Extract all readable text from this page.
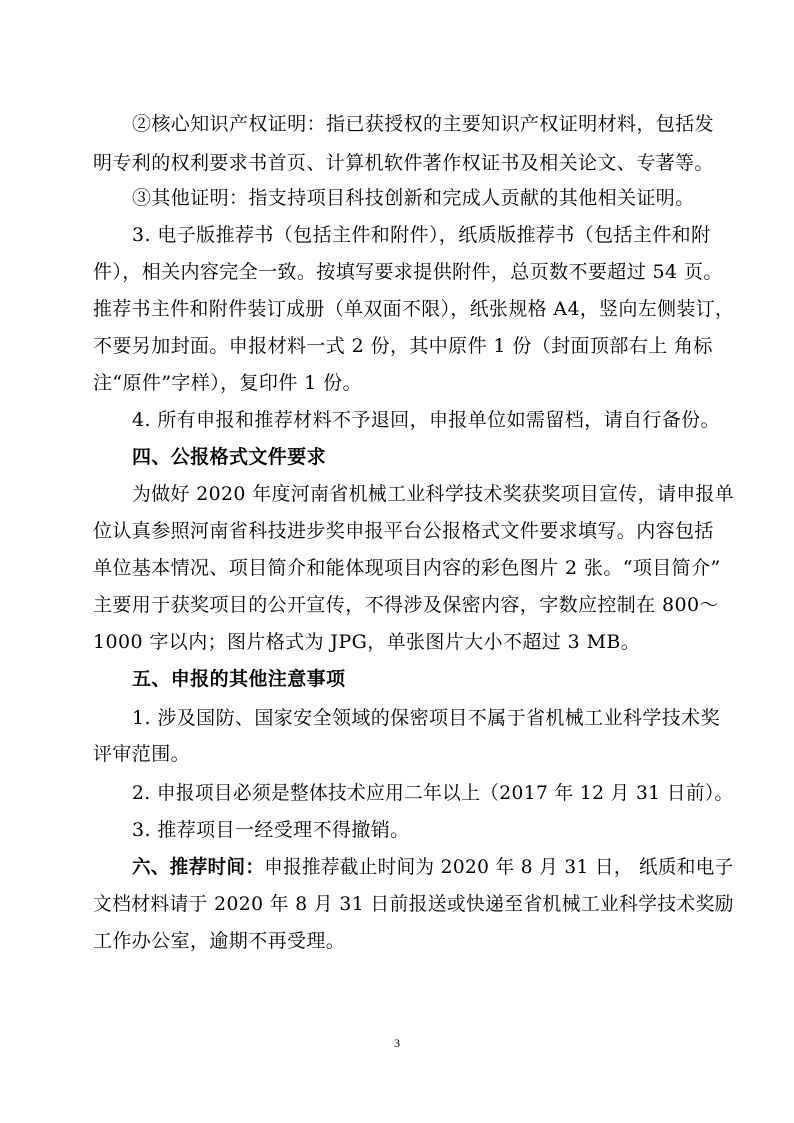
②核心知识产权证明：指已获授权的主要知识产权证明材料，包括发
明专利的权利要求书首页、计算机软件著作权证书及相关论文、专著等。
③其他证明：指支持项目科技创新和完成人贡献的其他相关证明。
3. 电子版推荐书（包括主件和附件），纸质版推荐书（包括主件和附
件），相关内容完全一致。按填写要求提供附件，总页数不要超过 54 页。
推荐书主件和附件装订成册（单双面不限），纸张规格 A4，竖向左侧装订，
不要另加封面。申报材料一式 2 份，其中原件 1 份（封面顶部右上 角标
注“原件”字样），复印件 1 份。
4. 所有申报和推荐材料不予退回，申报单位如需留档，请自行备份。
四、公报格式文件要求
为做好 2020 年度河南省机械工业科学技术奖获奖项目宣传，请申报单
位认真参照河南省科技进步奖申报平台公报格式文件要求填写。内容包括
单位基本情况、项目简介和能体现项目内容的彩色图片 2 张。“项目简介”
主要用于获奖项目的公开宣传，不得涉及保密内容，字数应控制在 800～
1000 字以内；图片格式为 JPG，单张图片大小不超过 3 MB。
五、申报的其他注意事项
1. 涉及国防、国家安全领域的保密项目不属于省机械工业科学技术奖
评审范围。
2. 申报项目必须是整体技术应用二年以上（2017 年 12 月 31 日前）。
3. 推荐项目一经受理不得撤销。
六、推荐时间：申报推荐截止时间为 2020 年 8 月 31 日， 纸质和电子
文档材料请于 2020 年 8 月 31 日前报送或快递至省机械工业科学技术奖励
工作办公室，逾期不再受理。
3
